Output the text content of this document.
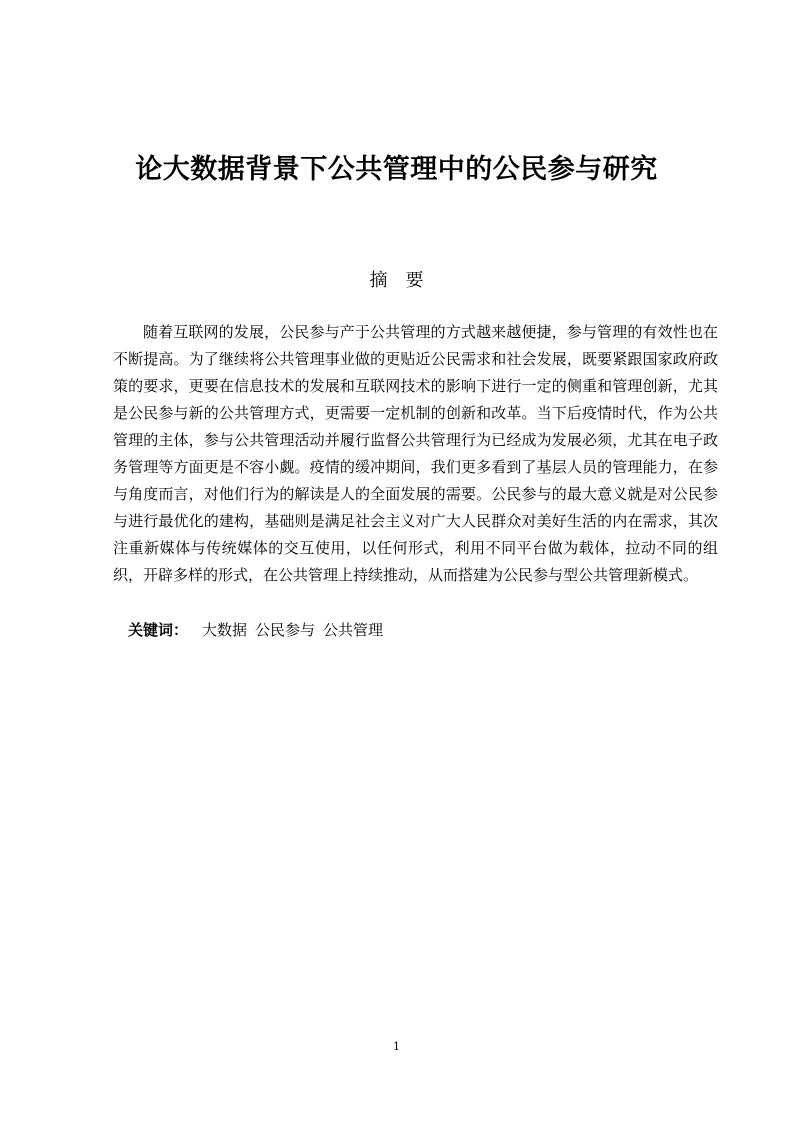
论大数据背景下公共管理中的公民参与研究
摘要

随着互联网的发展，公民参与产于公共管理的方式越来越便捷，参与管理的有效性也在不断提高。为了继续将公共管理事业做的更贴近公民需求和社会发展，既要紧跟国家政府政策的要求，更要在信息技术的发展和互联网技术的影响下进行一定的侧重和管理创新，尤其是公民参与新的公共管理方式，更需要一定机制的创新和改革。当下后疫情时代，作为公共管理的主体，参与公共管理活动并履行监督公共管理行为已经成为发展必须，尤其在电子政务管理等方面更是不容小觑。疫情的缓冲期间，我们更多看到了基层人员的管理能力，在参与角度而言，对他们行为的解读是人的全面发展的需要。公民参与的最大意义就是对公民参与进行最优化的建构，基础则是满足社会主义对广大人民群众对美好生活的内在需求，其次注重新媒体与传统媒体的交互使用，以任何形式，利用不同平台做为载体，拉动不同的组织，开辟多样的形式，在公共管理上持续推动，从而搭建为公民参与型公共管理新模式。

关键词： 大数据 公民参与 公共管理

1
